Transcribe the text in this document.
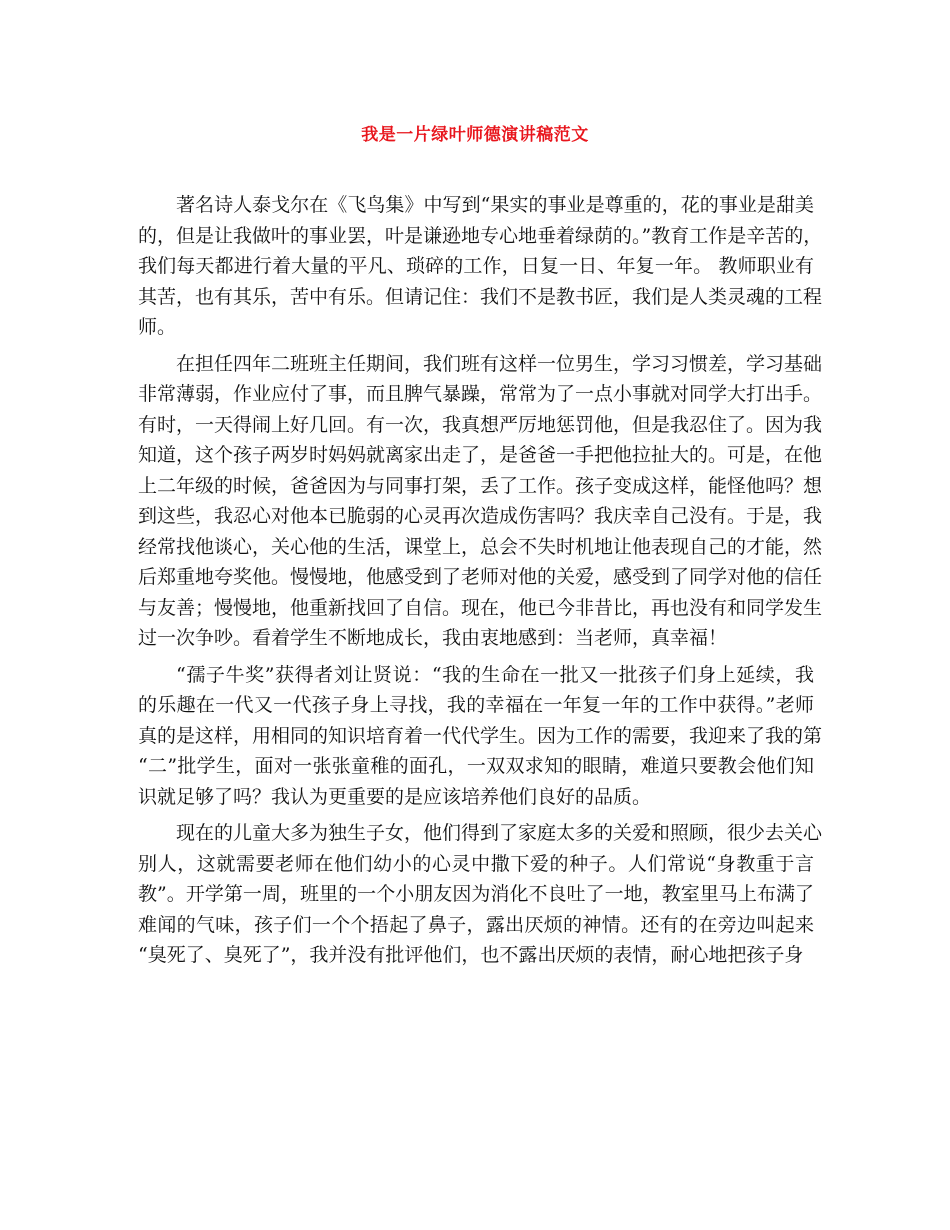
我是一片绿叶师德演讲稿范文
著名诗人泰戈尔在《飞鸟集》中写到“果实的事业是尊重的，花的事业是甜美
的，但是让我做叶的事业罢，叶是谦逊地专心地垂着绿荫的。”教育工作是辛苦的，
我们每天都进行着大量的平凡、琐碎的工作，日复一日、年复一年。 教师职业有
其苦，也有其乐，苦中有乐。但请记住：我们不是教书匠，我们是人类灵魂的工程
师。
在担任四年二班班主任期间，我们班有这样一位男生，学习习惯差，学习基础
非常薄弱，作业应付了事，而且脾气暴躁，常常为了一点小事就对同学大打出手。
有时，一天得闹上好几回。有一次，我真想严厉地惩罚他，但是我忍住了。因为我
知道，这个孩子两岁时妈妈就离家出走了，是爸爸一手把他拉扯大的。可是，在他
上二年级的时候，爸爸因为与同事打架，丢了工作。孩子变成这样，能怪他吗？想
到这些，我忍心对他本已脆弱的心灵再次造成伤害吗？我庆幸自己没有。于是，我
经常找他谈心，关心他的生活，课堂上，总会不失时机地让他表现自己的才能，然
后郑重地夸奖他。慢慢地，他感受到了老师对他的关爱，感受到了同学对他的信任
与友善；慢慢地，他重新找回了自信。现在，他已今非昔比，再也没有和同学发生
过一次争吵。看着学生不断地成长，我由衷地感到：当老师，真幸福！
“孺子牛奖”获得者刘让贤说：“我的生命在一批又一批孩子们身上延续，我
的乐趣在一代又一代孩子身上寻找，我的幸福在一年复一年的工作中获得。”老师
真的是这样，用相同的知识培育着一代代学生。因为工作的需要，我迎来了我的第
“二”批学生，面对一张张童稚的面孔，一双双求知的眼睛，难道只要教会他们知
识就足够了吗？我认为更重要的是应该培养他们良好的品质。
现在的儿童大多为独生子女，他们得到了家庭太多的关爱和照顾，很少去关心
别人，这就需要老师在他们幼小的心灵中撒下爱的种子。人们常说“身教重于言
教”。开学第一周，班里的一个小朋友因为消化不良吐了一地，教室里马上布满了
难闻的气味，孩子们一个个捂起了鼻子，露出厌烦的神情。还有的在旁边叫起来
“臭死了、臭死了”，我并没有批评他们，也不露出厌烦的表情，耐心地把孩子身
